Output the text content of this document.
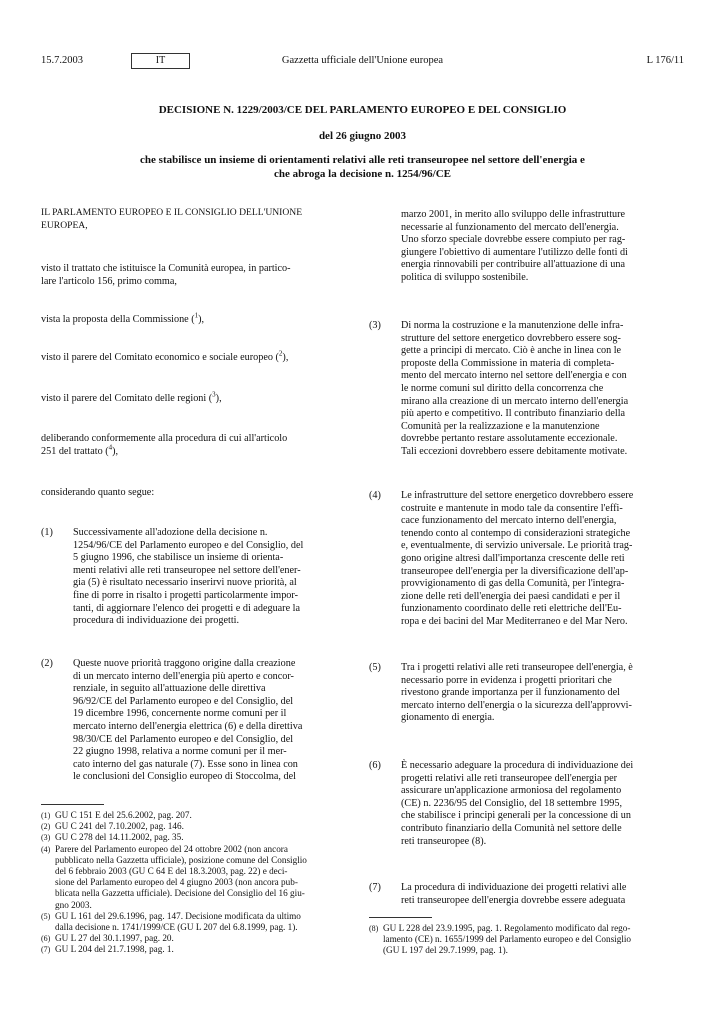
15.7.2003	IT	Gazzetta ufficiale dell'Unione europea	L 176/11
DECISIONE N. 1229/2003/CE DEL PARLAMENTO EUROPEO E DEL CONSIGLIO
del 26 giugno 2003
che stabilisce un insieme di orientamenti relativi alle reti transeuropee nel settore dell'energia e
che abroga la decisione n. 1254/96/CE

IL PARLAMENTO EUROPEO E IL CONSIGLIO DELL'UNIONE
EUROPEA,

visto il trattato che istituisce la Comunità europea, in partico-
lare l'articolo 156, primo comma,

vista la proposta della Commissione ($^1$),

visto il parere del Comitato economico e sociale europeo ($^2$),

visto il parere del Comitato delle regioni ($^3$),

deliberando conformemente alla procedura di cui all'articolo
251 del trattato ($^4$),

considerando quanto segue:

(1) Successivamente all'adozione della decisione n.
1254/96/CE del Parlamento europeo e del Consiglio, del
5 giugno 1996, che stabilisce un insieme di orienta-
menti relativi alle reti transeuropee nel settore dell'ener-
gia (5) è risultato necessario inserirvi nuove priorità, al
fine di porre in risalto i progetti particolarmente impor-
tanti, di aggiornare l'elenco dei progetti e di adeguare la
procedura di individuazione dei progetti.

(2) Queste nuove priorità traggono origine dalla creazione
di un mercato interno dell'energia più aperto e concor-
renziale, in seguito all'attuazione delle direttiva
96/92/CE del Parlamento europeo e del Consiglio, del
19 dicembre 1996, concernente norme comuni per il
mercato interno dell'energia elettrica (6) e della direttiva
98/30/CE del Parlamento europeo e del Consiglio, del
22 giugno 1998, relativa a norme comuni per il mer-
cato interno del gas naturale (7). Esse sono in linea con
le conclusioni del Consiglio europeo di Stoccolma, del

(1) GU C 151 E del 25.6.2002, pag. 207.
(2) GU C 241 del 7.10.2002, pag. 146.
(3) GU C 278 del 14.11.2002, pag. 35.
(4) Parere del Parlamento europeo del 24 ottobre 2002 (non ancora
pubblicato nella Gazzetta ufficiale), posizione comune del Consiglio
del 6 febbraio 2003 (GU C 64 E del 18.3.2003, pag. 22) e deci-
sione del Parlamento europeo del 4 giugno 2003 (non ancora pub-
blicata nella Gazzetta ufficiale). Decisione del Consiglio del 16 giu-
gno 2003.
(5) GU L 161 del 29.6.1996, pag. 147. Decisione modificata da ultimo
dalla decisione n. 1741/1999/CE (GU L 207 del 6.8.1999, pag. 1).
(6) GU L 27 del 30.1.1997, pag. 20.
(7) GU L 204 del 21.7.1998, pag. 1.

marzo 2001, in merito allo sviluppo delle infrastrutture
necessarie al funzionamento del mercato dell'energia.
Uno sforzo speciale dovrebbe essere compiuto per rag-
giungere l'obiettivo di aumentare l'utilizzo delle fonti di
energia rinnovabili per contribuire all'attuazione di una
politica di sviluppo sostenibile.

(3) Di norma la costruzione e la manutenzione delle infra-
strutture del settore energetico dovrebbero essere sog-
gette a principi di mercato. Ciò è anche in linea con le
proposte della Commissione in materia di completa-
mento del mercato interno nel settore dell'energia e con
le norme comuni sul diritto della concorrenza che
mirano alla creazione di un mercato interno dell'energia
più aperto e competitivo. Il contributo finanziario della
Comunità per la realizzazione e la manutenzione
dovrebbe pertanto restare assolutamente eccezionale.
Tali eccezioni dovrebbero essere debitamente motivate.

(4) Le infrastrutture del settore energetico dovrebbero essere
costruite e mantenute in modo tale da consentire l'effi-
cace funzionamento del mercato interno dell'energia,
tenendo conto al contempo di considerazioni strategiche
e, eventualmente, di servizio universale. Le priorità trag-
gono origine altresì dall'importanza crescente delle reti
transeuropee dell'energia per la diversificazione dell'ap-
provvigionamento di gas della Comunità, per l'integra-
zione delle reti dell'energia dei paesi candidati e per il
funzionamento coordinato delle reti elettriche dell'Eu-
ropa e dei bacini del Mar Mediterraneo e del Mar Nero.

(5) Tra i progetti relativi alle reti transeuropee dell'energia, è
necessario porre in evidenza i progetti prioritari che
rivestono grande importanza per il funzionamento del
mercato interno dell'energia o la sicurezza dell'approvvi-
gionamento di energia.

(6) È necessario adeguare la procedura di individuazione dei
progetti relativi alle reti transeuropee dell'energia per
assicurare un'applicazione armoniosa del regolamento
(CE) n. 2236/95 del Consiglio, del 18 settembre 1995,
che stabilisce i principi generali per la concessione di un
contributo finanziario della Comunità nel settore delle
reti transeuropee (8).

(7) La procedura di individuazione dei progetti relativi alle
reti transeuropee dell'energia dovrebbe essere adeguata

(8) GU L 228 del 23.9.1995, pag. 1. Regolamento modificato dal rego-
lamento (CE) n. 1655/1999 del Parlamento europeo e del Consiglio
(GU L 197 del 29.7.1999, pag. 1).
